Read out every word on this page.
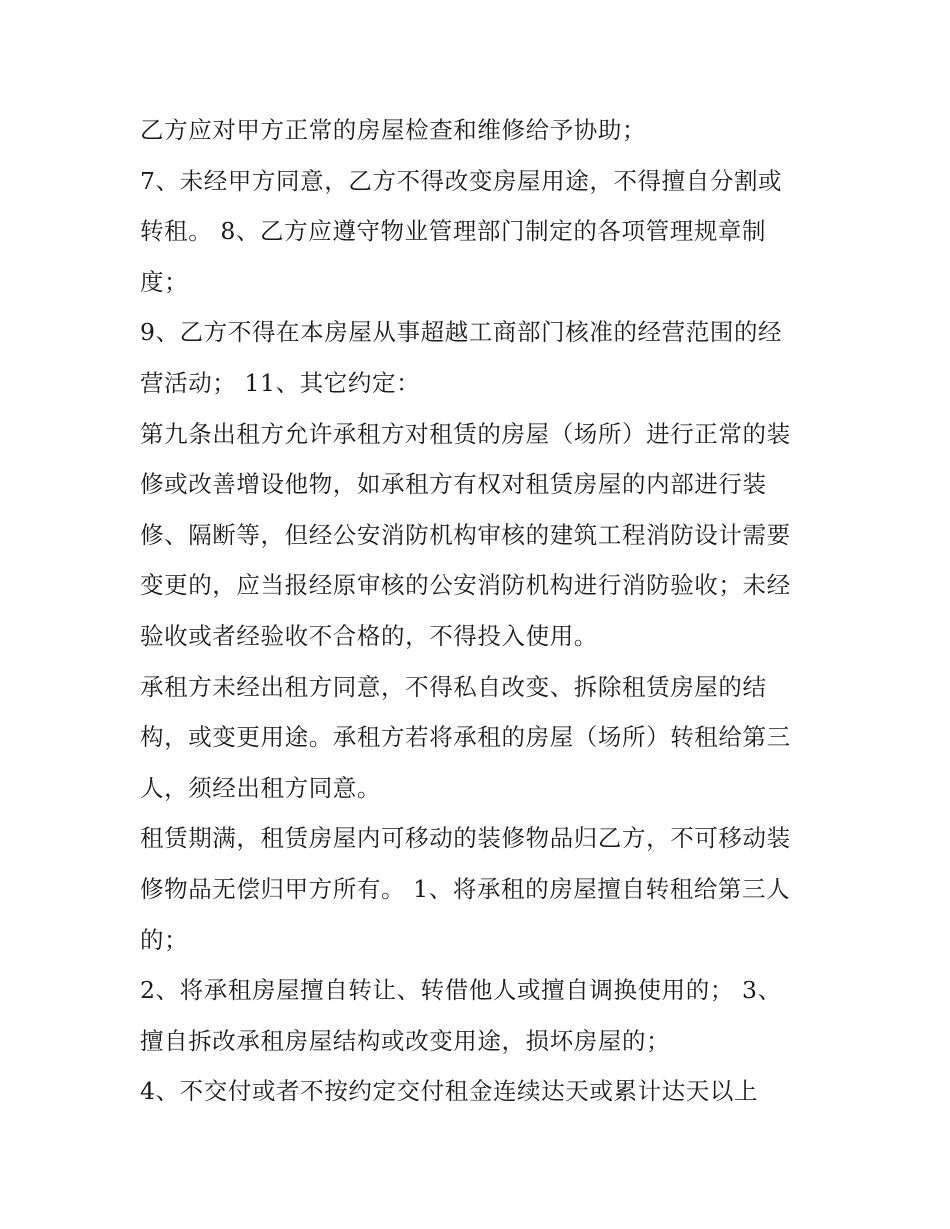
乙方应对甲方正常的房屋检查和维修给予协助；
7、未经甲方同意，乙方不得改变房屋用途，不得擅自分割或
转租。 8、乙方应遵守物业管理部门制定的各项管理规章制
度；
9、乙方不得在本房屋从事超越工商部门核准的经营范围的经
营活动； 11、其它约定：
第九条出租方允许承租方对租赁的房屋（场所）进行正常的装
修或改善增设他物，如承租方有权对租赁房屋的内部进行装
修、隔断等，但经公安消防机构审核的建筑工程消防设计需要
变更的，应当报经原审核的公安消防机构进行消防验收；未经
验收或者经验收不合格的，不得投入使用。
承租方未经出租方同意，不得私自改变、拆除租赁房屋的结
构，或变更用途。承租方若将承租的房屋（场所）转租给第三
人，须经出租方同意。
租赁期满，租赁房屋内可移动的装修物品归乙方，不可移动装
修物品无偿归甲方所有。 1、将承租的房屋擅自转租给第三人
的；
2、将承租房屋擅自转让、转借他人或擅自调换使用的； 3、
擅自拆改承租房屋结构或改变用途，损坏房屋的；
4、不交付或者不按约定交付租金连续达天或累计达天以上
